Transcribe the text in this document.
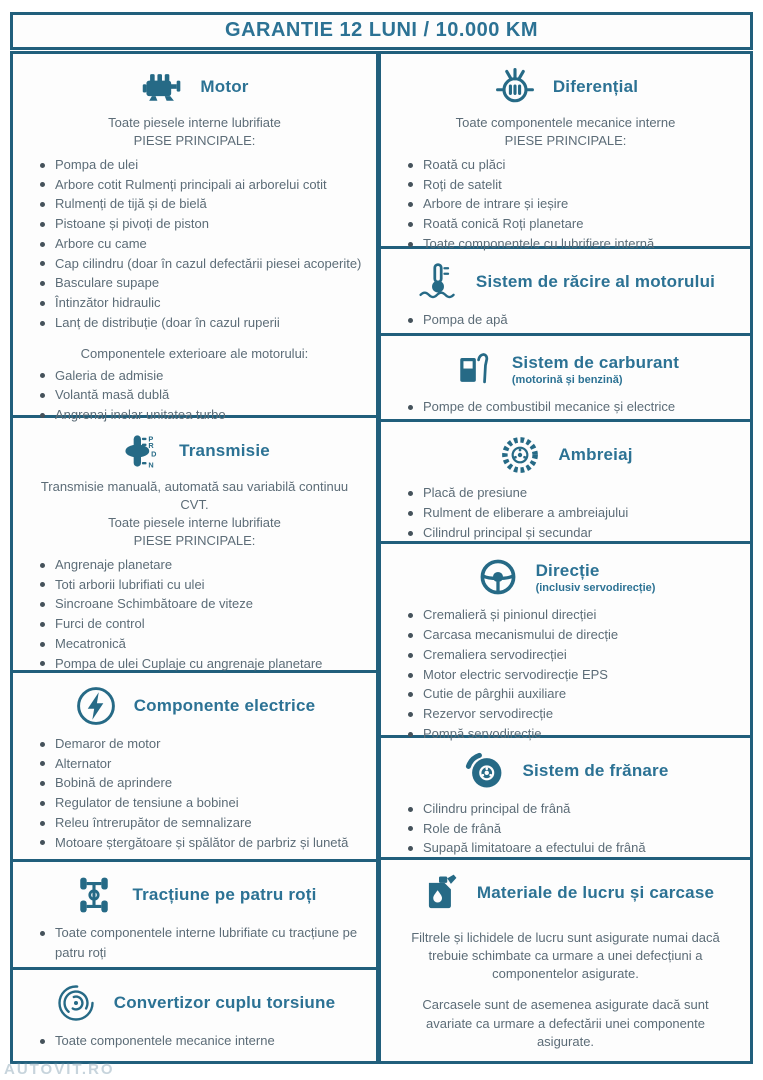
GARANTIE 12 LUNI / 10.000 KM
Motor
Toate piesele interne lubrifiate
PIESE PRINCIPALE:
Pompa de ulei
Arbore cotit Rulmenți principali ai arborelui cotit
Rulmenți de tijă și de bielă
Pistoane și pivoți de piston
Arbore cu came
Cap cilindru (doar în cazul defectării piesei acoperite)
Basculare supape
Întinzător hidraulic
Lanț de distribuție (doar în cazul ruperii
Componentele exterioare ale motorului:
Galeria de admisie
Volantă masă dublă
Angrenaj inelar unitatea turbo
P
R
D
N
Transmisie
Transmisie manuală, automată sau variabilă continuu CVT.
Toate piesele interne lubrifiate
PIESE PRINCIPALE:
Angrenaje planetare
Toti arborii lubrifiati cu ulei
Sincroane Schimbătoare de viteze
Furci de control
Mecatronică
Pompa de ulei Cuplaje cu angrenaje planetare
Componente electrice
Demaror de motor
Alternator
Bobină de aprindere
Regulator de tensiune a bobinei
Releu întrerupător de semnalizare
Motoare ștergătoare și spălător de parbriz și lunetă
Tracțiune pe patru roți
Toate componentele interne lubrifiate cu tracțiune pe patru roți
Convertizor cuplu torsiune
Toate componentele mecanice interne
Diferențial
Toate componentele mecanice interne
PIESE PRINCIPALE:
Roată cu plăci
Roți de satelit
Arbore de intrare și ieșire
Roată conică Roți planetare
Toate componentele cu lubrifiere internă
Sistem de răcire al motorului
Pompa de apă
Sistem de carburant
(motorină și benzină)
Pompe de combustibil mecanice și electrice
Ambreiaj
Placă de presiune
Rulment de eliberare a ambreiajului
Cilindrul principal și secundar
Direcție
(inclusiv servodirecție)
Cremalieră și pinionul direcției
Carcasa mecanismului de direcție
Cremaliera servodirecției
Motor electric servodirecție EPS
Cutie de pârghii auxiliare
Rezervor servodirecție
Pompă servodirecție
Sistem de frănare
Cilindru principal de frână
Role de frână
Supapă limitatoare a efectului de frână
Materiale de lucru și carcase
Filtrele și lichidele de lucru sunt asigurate numai dacă trebuie schimbate ca urmare a unei defecțiuni a componentelor asigurate.
Carcasele sunt de asemenea asigurate dacă sunt avariate ca urmare a defectării unei componente asigurate.
AUTOVIT.RO
